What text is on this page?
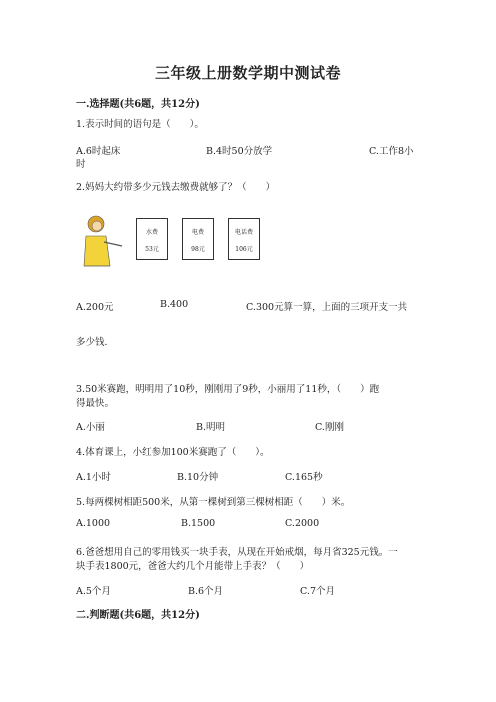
三年级上册数学期中测试卷
一.选择题(共6题，共12分)
1.表示时间的语句是（　　）。
A.6时起床	B.4时50分放学	C.工作8小
时
2.妈妈大约带多少元钱去缴费就够了？（　　）
水费
53元
电费
98元
电话费
106元
A.200元	B.400	C.300元算一算，上面的三项开支一共
多少钱.
3.50米赛跑，明明用了10秒，刚刚用了9秒，小丽用了11秒，（　　）跑
得最快。
A.小丽	B.明明	C.刚刚
4.体育课上，小红参加100米赛跑了（　　）。
A.1小时	B.10分钟	C.165秒
5.每两棵树相距500米，从第一棵树到第三棵树相距（　　）米。
A.1000	B.1500	C.2000
6.爸爸想用自己的零用钱买一块手表，从现在开始戒烟，每月省325元钱。一
块手表1800元，爸爸大约几个月能带上手表？（　　）
A.5个月	B.6个月	C.7个月
二.判断题(共6题，共12分)
